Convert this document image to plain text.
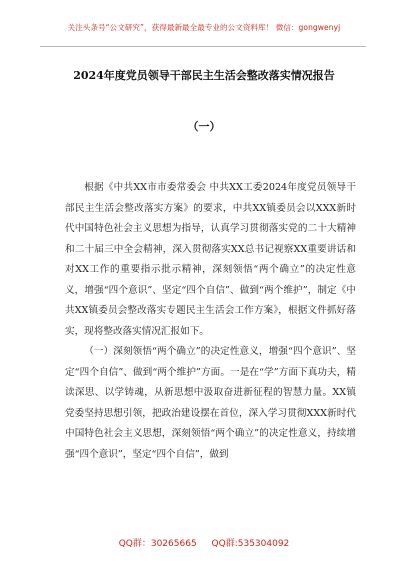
关注头条号“公文研究”，获得最新最全最专业的公文资料库！ 微信：gongwenyj
2024年度党员领导干部民主生活会整改落实情况报告
（一）

根据《中共XX市市委常委会 中共XX工委2024年度党员领导干部民主生活会整改落实方案》的要求，中共XX镇委员会以XXX新时代中国特色社会主义思想为指导，认真学习贯彻落实党的二十大精神和二十届三中全会精神，深入贯彻落实XX总书记视察XX重要讲话和对XX工作的重要指示批示精神，深刻领悟“两个确立”的决定性意义，增强“四个意识”、坚定“四个自信”、做到“两个维护”，制定《中共XX镇委员会整改落实专题民主生活会工作方案》，根据文件抓好落实，现将整改落实情况汇报如下。

（一）深刻领悟“两个确立”的决定性意义，增强“四个意识”、坚定“四个自信”、做到“两个维护”方面。一是在“学”方面下真功夫，精读深思、以学铸魂，从新思想中汲取奋进新征程的智慧力量。XX镇党委坚持思想引领，把政治建设摆在首位，深入学习贯彻XXX新时代中国特色社会主义思想，深刻领悟“两个确立”的决定性意义，持续增强“四个意识”，坚定“四个自信”，做到

QQ群：30265665 QQ群:535304092
